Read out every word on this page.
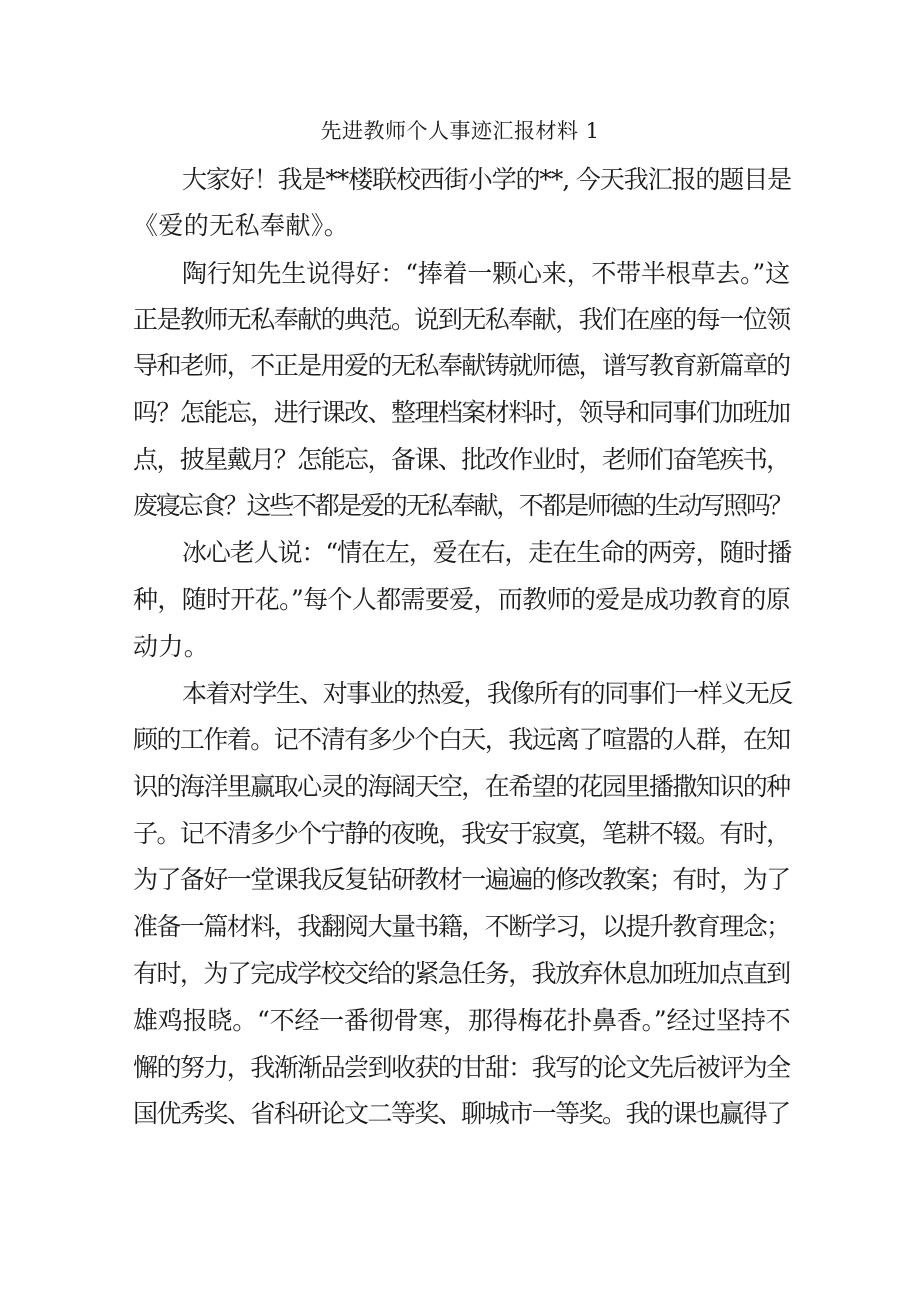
先进教师个人事迹汇报材料 1
大家好！我是**楼联校西街小学的**, 今天我汇报的题目是
《爱的无私奉献》。
陶行知先生说得好：“捧着一颗心来，不带半根草去。”这
正是教师无私奉献的典范。说到无私奉献，我们在座的每一位领
导和老师，不正是用爱的无私奉献铸就师德，谱写教育新篇章的
吗？怎能忘，进行课改、整理档案材料时，领导和同事们加班加
点，披星戴月？怎能忘，备课、批改作业时，老师们奋笔疾书，
废寝忘食？这些不都是爱的无私奉献，不都是师德的生动写照吗？
冰心老人说：“情在左，爱在右，走在生命的两旁，随时播
种，随时开花。”每个人都需要爱，而教师的爱是成功教育的原
动力。
本着对学生、对事业的热爱，我像所有的同事们一样义无反
顾的工作着。记不清有多少个白天，我远离了喧嚣的人群，在知
识的海洋里赢取心灵的海阔天空，在希望的花园里播撒知识的种
子。记不清多少个宁静的夜晚，我安于寂寞，笔耕不辍。有时，
为了备好一堂课我反复钻研教材一遍遍的修改教案；有时，为了
准备一篇材料，我翻阅大量书籍，不断学习，以提升教育理念；
有时，为了完成学校交给的紧急任务，我放弃休息加班加点直到
雄鸡报晓。“不经一番彻骨寒，那得梅花扑鼻香。”经过坚持不
懈的努力，我渐渐品尝到收获的甘甜：我写的论文先后被评为全
国优秀奖、省科研论文二等奖、聊城市一等奖。我的课也赢得了
